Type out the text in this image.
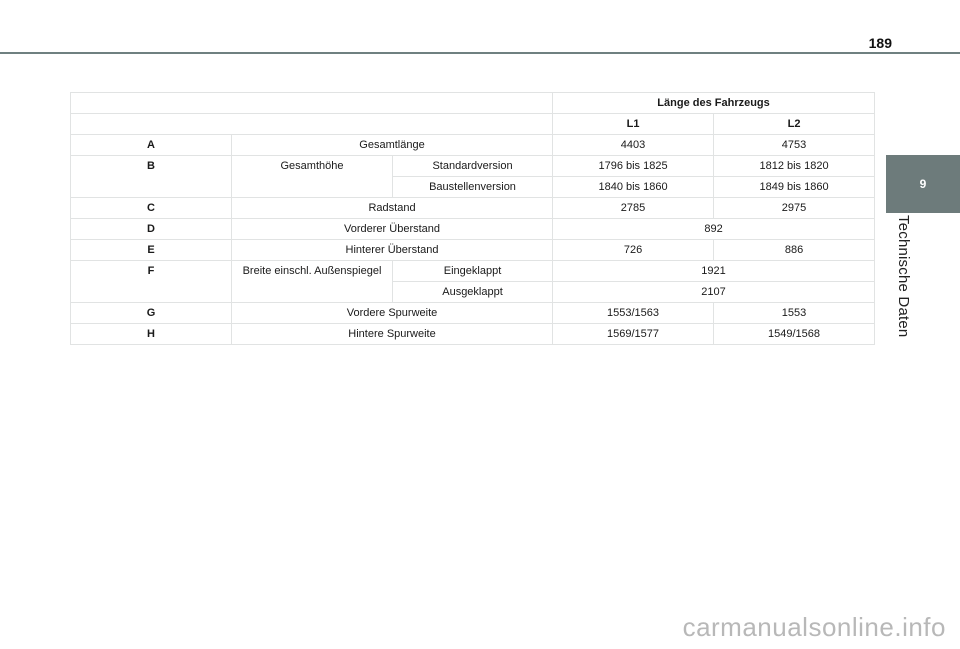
189
9
Technische Daten
			Länge des Fahrzeugs	
			L1	L2
A	Gesamtlänge		4403	4753
B	Gesamthöhe	Standardversion	1796 bis 1825	1812 bis 1820
		Baustellenversion	1840 bis 1860	1849 bis 1860
C	Radstand		2785	2975
D	Vorderer Überstand		892	
E	Hinterer Überstand		726	886
F	Breite einschl. Außenspiegel	Eingeklappt	1921	
		Ausgeklappt	2107	
G	Vordere Spurweite		1553/1563	1553
H	Hintere Spurweite		1569/1577	1549/1568
carmanualsonline.info
